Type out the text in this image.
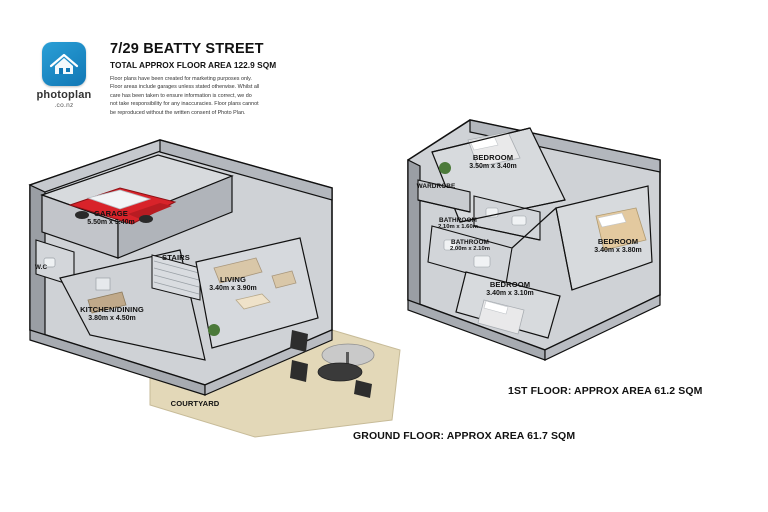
photoplan
.co.nz
7/29 BEATTY STREET
TOTAL APPROX FLOOR AREA 122.9 SQM
Floor plans have been created for marketing purposes only. Floor areas include garages unless stated otherwise. Whilst all care has been taken to ensure information is correct, we do not take responsibility for any inaccuracies. Floor plans cannot be reproduced without the written consent of Photo Plan.
GROUND FLOOR: APPROX AREA 61.7 SQM
1ST FLOOR: APPROX AREA 61.2 SQM
GARAGE
5.50m x 3.40m
W.C
STAIRS
LIVING
3.40m x 3.90m
KITCHEN/DINING
3.80m x 4.50m
COURTYARD
BEDROOM
3.50m x 3.40m
WARDROBE
BATHROOM
2.10m x 1.60m
BATHROOM
2.00m x 2.10m
BEDROOM
3.40m x 3.80m
BEDROOM
3.40m x 3.10m
